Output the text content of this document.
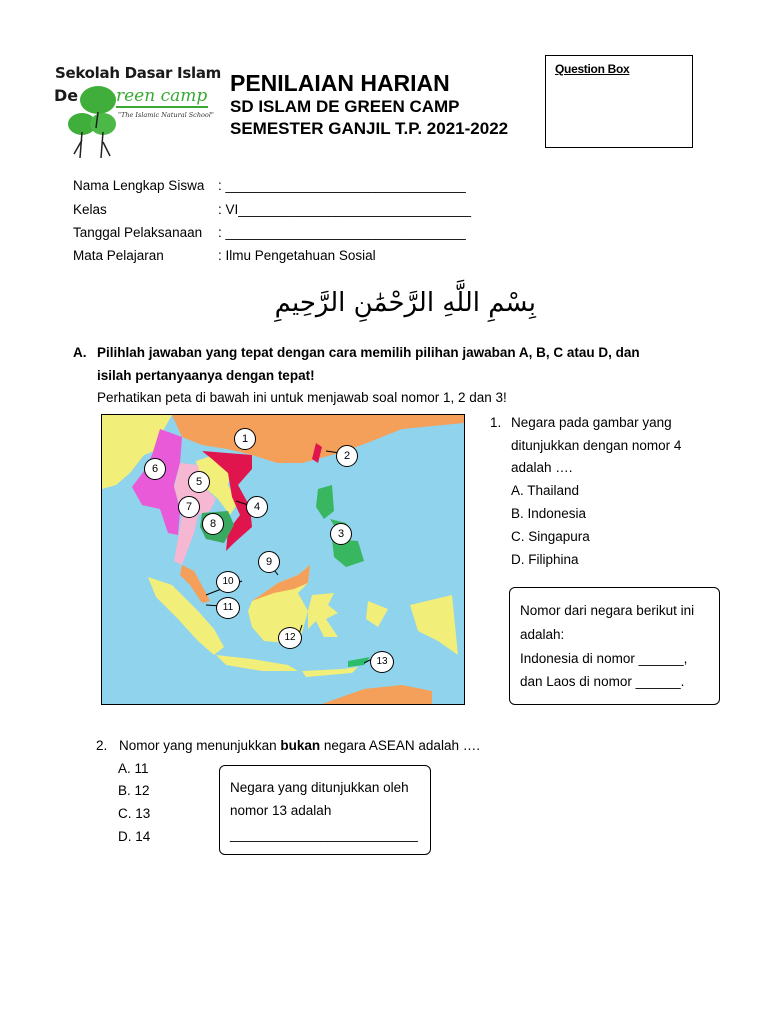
Sekolah Dasar Islam
De reen camp
"The Islamic Natural School"
PENILAIAN HARIAN
SD ISLAM DE GREEN CAMP
SEMESTER GANJIL T.P. 2021-2022
Question Box
Nama Lengkap Siswa : ________________________________
Kelas	: VI_______________________________
Tanggal Pelaksanaan : ________________________________
Mata Pelajaran	: Ilmu Pengetahuan Sosial
بِسْمِ اللَّهِ الرَّحْمَٰنِ الرَّحِيمِ
A. Pilihlah jawaban yang tepat dengan cara memilih pilihan jawaban A, B, C atau D, dan
isilah pertanyaanya dengan tepat!
Perhatikan peta di bawah ini untuk menjawab soal nomor 1, 2 dan 3!
1
2
3
4
5
6
7
8
9
10
11
12
13
1. Negara pada gambar yang
ditunjukkan dengan nomor 4
adalah ….
A. Thailand
B. Indonesia
C. Singapura
D. Filiphina
Nomor dari negara berikut ini
adalah:
Indonesia di nomor ______,
dan Laos di nomor ______.
2. Nomor yang menunjukkan bukan negara ASEAN adalah ….
A. 11
B. 12
C. 13
D. 14
Negara yang ditunjukkan oleh
nomor 13 adalah
_________________________
